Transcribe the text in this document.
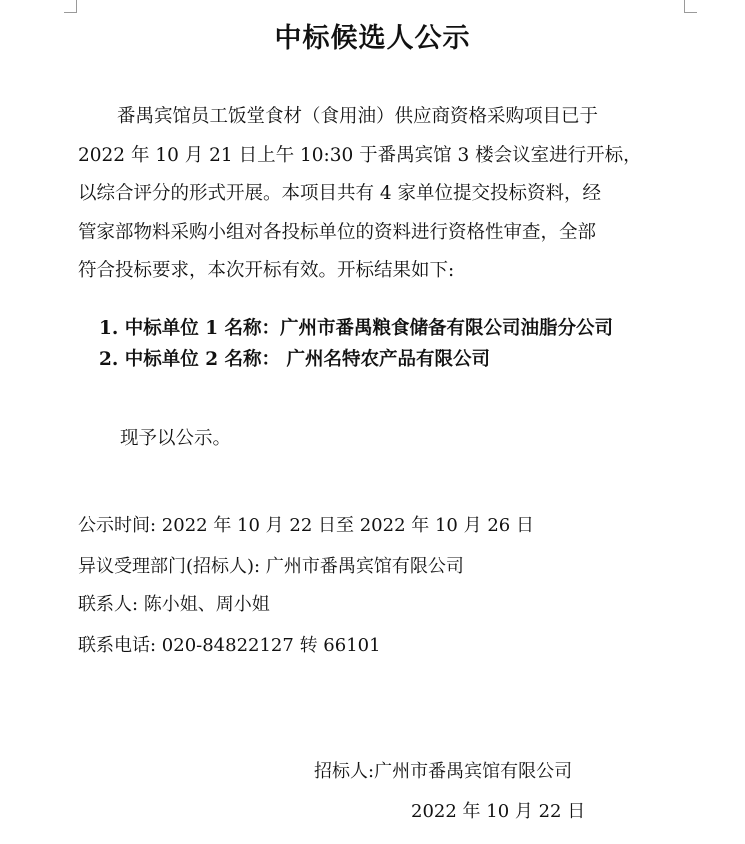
中标候选人公示
番禺宾馆员工饭堂食材（食用油）供应商资格采购项目已于
2022 年 10 月 21 日上午 10:30 于番禺宾馆 3 楼会议室进行开标，
以综合评分的形式开展。本项目共有 4 家单位提交投标资料，经
管家部物料采购小组对各投标单位的资料进行资格性审查，全部
符合投标要求，本次开标有效。开标结果如下:
1. 中标单位 1 名称：广州市番禺粮食储备有限公司油脂分公司
2. 中标单位 2 名称： 广州名特农产品有限公司
现予以公示。
公示时间: 2022 年 10 月 22 日至 2022 年 10 月 26 日
异议受理部门(招标人): 广州市番禺宾馆有限公司
联系人: 陈小姐、周小姐
联系电话: 020-84822127 转 66101
招标人:广州市番禺宾馆有限公司
2022 年 10 月 22 日
